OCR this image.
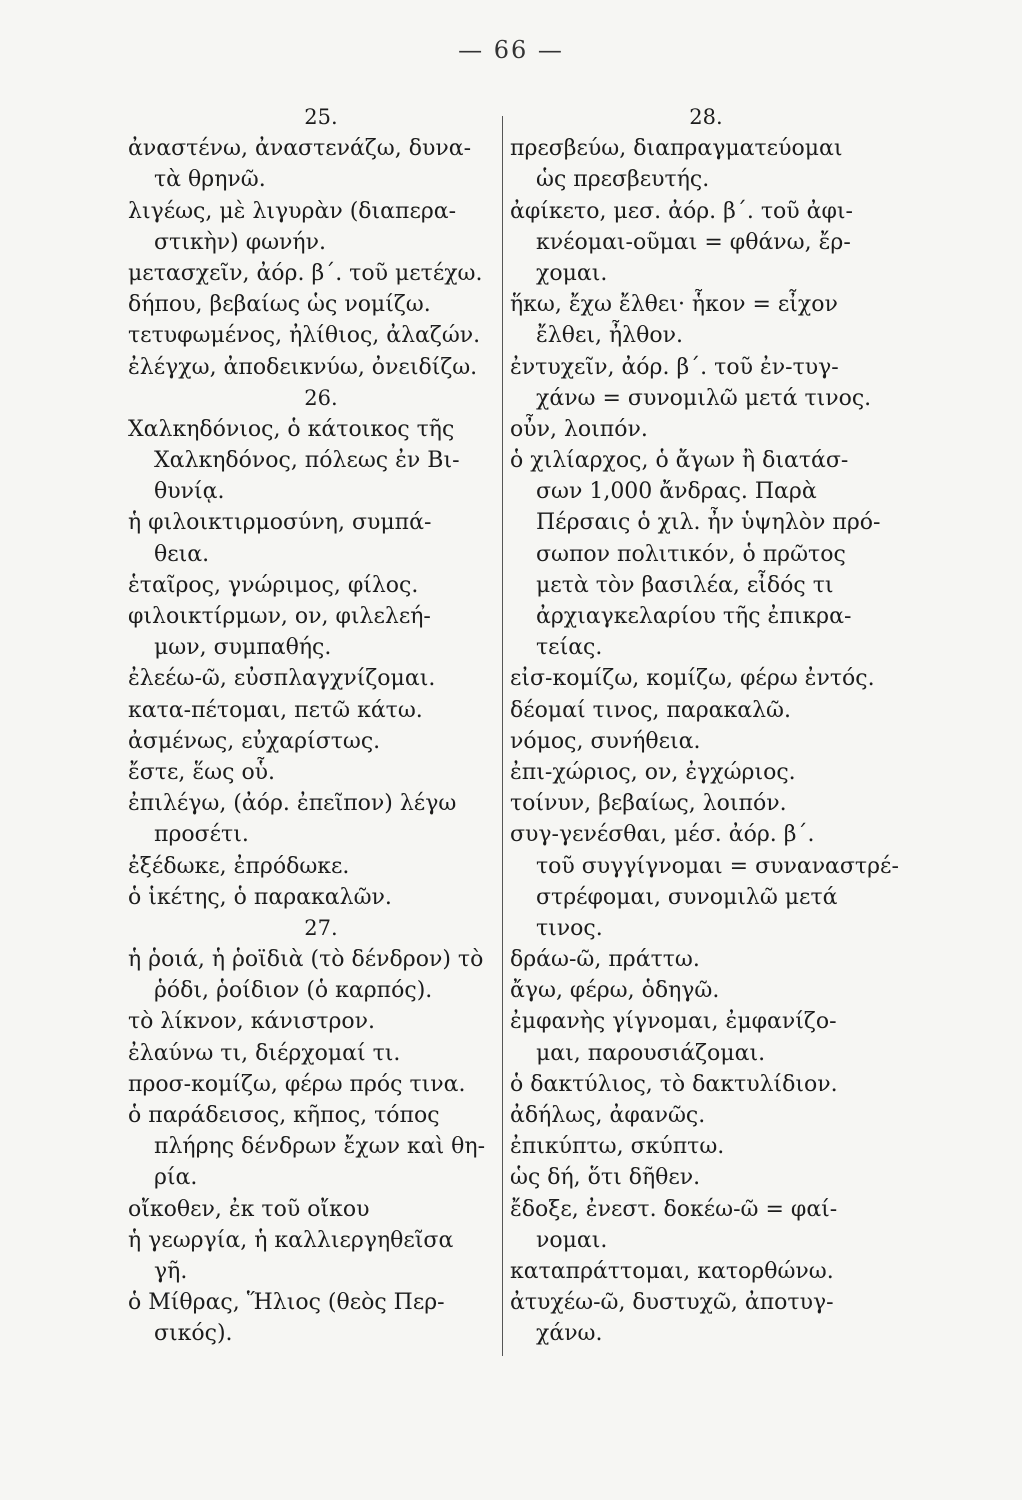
— 66 —
25.
ἀναστένω, ἀναστενάζω, δυνα-
τὰ θρηνῶ.
λιγέως, μὲ λιγυρὰν (διαπερα-
στικὴν) φωνήν.
μετασχεῖν, ἀόρ. β΄. τοῦ μετέχω.
δήπου, βεβαίως ὡς νομίζω.
τετυφωμένος, ἠλίθιος, ἀλαζών.
ἐλέγχω, ἀποδεικνύω, ὀνειδίζω.
26.
Χαλκηδόνιος, ὁ κάτοικος τῆς
Χαλκηδόνος, πόλεως ἐν Βι-
θυνίᾳ.
ἡ φιλοικτιρμοσύνη, συμπά-
θεια.
ἑταῖρος, γνώριμος, φίλος.
φιλοικτίρμων, ον, φιλελεή-
μων, συμπαθής.
ἐλεέω-ῶ, εὐσπλαγχνίζομαι.
κατα-πέτομαι, πετῶ κάτω.
ἀσμένως, εὐχαρίστως.
ἔστε, ἕως οὗ.
ἐπιλέγω, (ἀόρ. ἐπεῖπον) λέγω
προσέτι.
ἐξέδωκε, ἐπρόδωκε.
ὁ ἱκέτης, ὁ παρακαλῶν.
27.
ἡ ῥοιά, ἡ ῥοϊδιὰ (τὸ δένδρον) τὸ
ῥόδι, ῥοίδιον (ὁ καρπός).
τὸ λίκνον, κάνιστρον.
ἐλαύνω τι, διέρχομαί τι.
προσ-κομίζω, φέρω πρός τινα.
ὁ παράδεισος, κῆπος, τόπος
πλήρης δένδρων ἔχων καὶ θη-
ρία.
οἴκοθεν, ἐκ τοῦ οἴκου
ἡ γεωργία, ἡ καλλιεργηθεῖσα
γῆ.
ὁ Μίθρας, Ἥλιος (θεὸς Περ-
σικός).
28.
πρεσβεύω, διαπραγματεύομαι
ὡς πρεσβευτής.
ἀφίκετο, μεσ. ἀόρ. β΄. τοῦ ἀφι-
κνέομαι-οῦμαι = φθάνω, ἔρ-
χομαι.
ἥκω, ἔχω ἔλθει· ἧκον = εἶχον
ἔλθει, ἦλθον.
ἐντυχεῖν, ἀόρ. β΄. τοῦ ἐν-τυγ-
χάνω = συνομιλῶ μετά τινος.
οὖν, λοιπόν.
ὁ χιλίαρχος, ὁ ἄγων ἢ διατάσ-
σων 1,000 ἄνδρας. Παρὰ
Πέρσαις ὁ χιλ. ἦν ὑψηλὸν πρό-
σωπον πολιτικόν, ὁ πρῶτος
μετὰ τὸν βασιλέα, εἶδός τι
ἀρχιαγκελαρίου τῆς ἐπικρα-
τείας.
εἰσ-κομίζω, κομίζω, φέρω ἐντός.
δέομαί τινος, παρακαλῶ.
νόμος, συνήθεια.
ἐπι-χώριος, ον, ἐγχώριος.
τοίνυν, βεβαίως, λοιπόν.
συγ-γενέσθαι, μέσ. ἀόρ. β΄.
τοῦ συγγίγνομαι = συναναστρέ-
στρέφομαι, συνομιλῶ μετά
τινος.
δράω-ῶ, πράττω.
ἄγω, φέρω, ὁδηγῶ.
ἐμφανὴς γίγνομαι, ἐμφανίζο-
μαι, παρουσιάζομαι.
ὁ δακτύλιος, τὸ δακτυλίδιον.
ἀδήλως, ἀφανῶς.
ἐπικύπτω, σκύπτω.
ὡς δή, ὅτι δῆθεν.
ἔδοξε, ἐνεστ. δοκέω-ῶ = φαί-
νομαι.
καταπράττομαι, κατορθώνω.
ἀτυχέω-ῶ, δυστυχῶ, ἀποτυγ-
χάνω.
